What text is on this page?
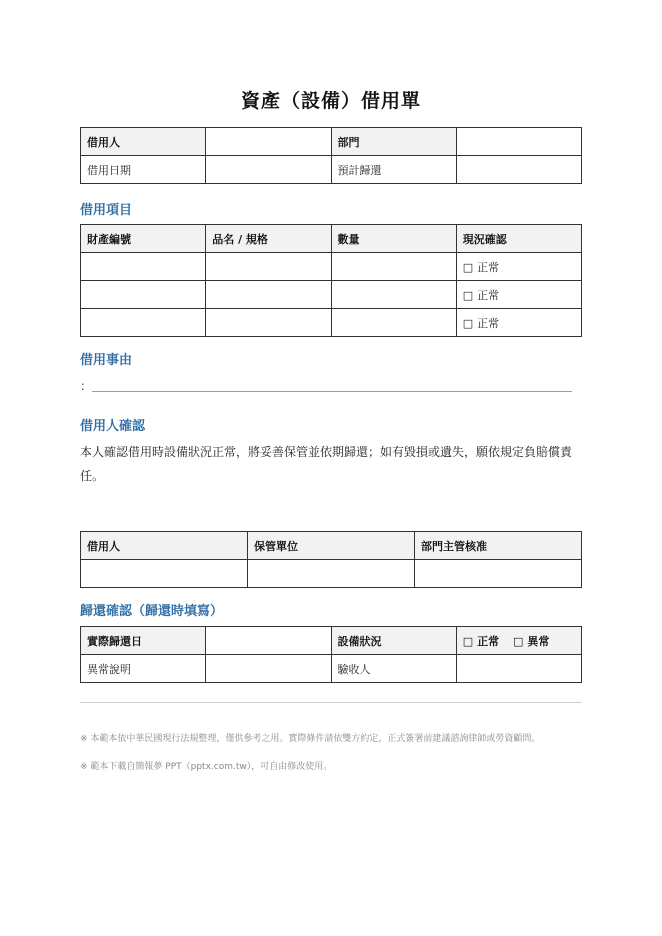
資產（設備）借用單
借用人		部門	
借用日期		預計歸還	
借用項目
財產編號	品名 / 規格	數量	現況確認
			□ 正常
			□ 正常
			□ 正常
借用事由
：＿＿＿＿＿＿＿＿＿＿＿＿＿＿＿＿＿＿＿＿＿＿＿＿＿＿＿＿＿＿＿＿＿＿＿＿＿＿＿＿
借用人確認
本人確認借用時設備狀況正常，將妥善保管並依期歸還；如有毀損或遺失，願依規定負賠償責任。
借用人	保管單位	部門主管核准

歸還確認（歸還時填寫）
實際歸還日		設備狀況	□ 正常 □ 異常
異常說明		驗收人	
※ 本範本依中華民國現行法規整理，僅供參考之用。實際條件請依雙方約定，正式簽署前建議諮詢律師或勞資顧問。
※ 範本下載自簡報夢 PPT（pptx.com.tw），可自由修改使用。
